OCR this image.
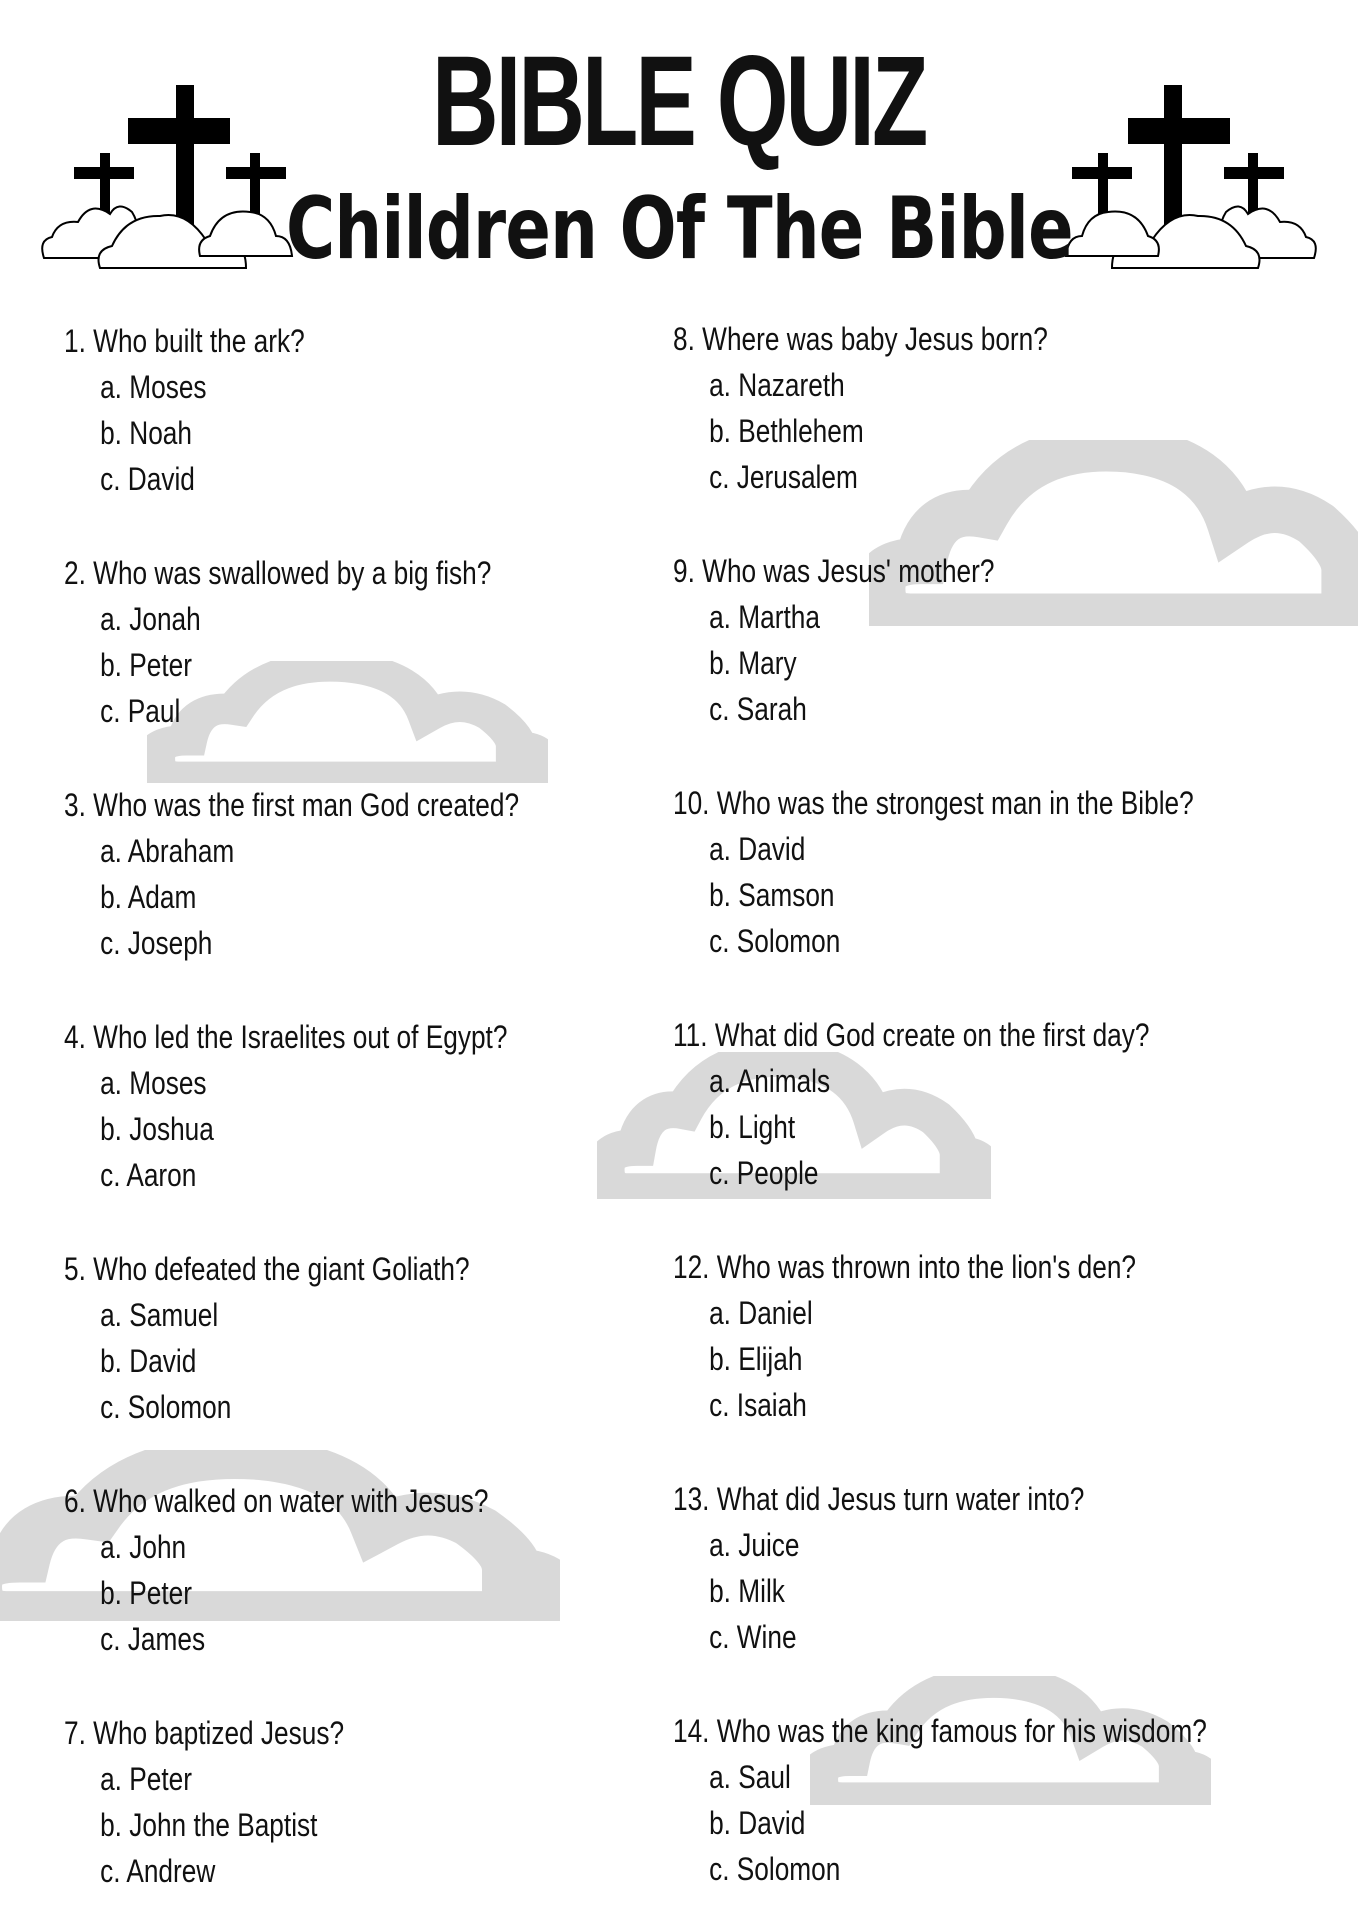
BIBLE QUIZ
Children Of The Bible
1. Who built the ark?
a. Moses
b. Noah
c. David
2. Who was swallowed by a big fish?
a. Jonah
b. Peter
c. Paul
3. Who was the first man God created?
a. Abraham
b. Adam
c. Joseph
4. Who led the Israelites out of Egypt?
a. Moses
b. Joshua
c. Aaron
5. Who defeated the giant Goliath?
a. Samuel
b. David
c. Solomon
6. Who walked on water with Jesus?
a. John
b. Peter
c. James
7. Who baptized Jesus?
a. Peter
b. John the Baptist
c. Andrew
8. Where was baby Jesus born?
a. Nazareth
b. Bethlehem
c. Jerusalem
9. Who was Jesus' mother?
a. Martha
b. Mary
c. Sarah
10. Who was the strongest man in the Bible?
a. David
b. Samson
c. Solomon
11. What did God create on the first day?
a. Animals
b. Light
c. People
12. Who was thrown into the lion's den?
a. Daniel
b. Elijah
c. Isaiah
13. What did Jesus turn water into?
a. Juice
b. Milk
c. Wine
14. Who was the king famous for his wisdom?
a. Saul
b. David
c. Solomon
